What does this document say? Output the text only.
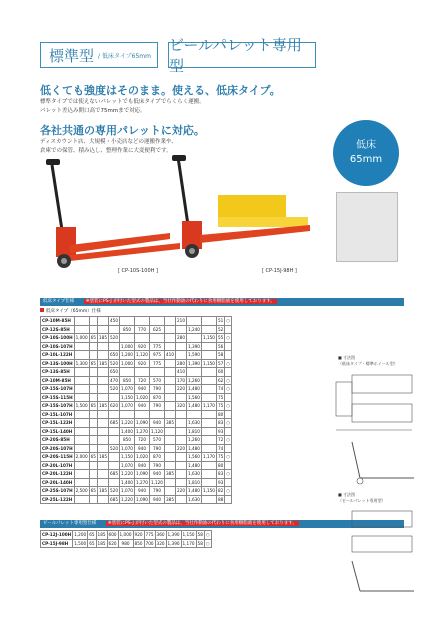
標準型 / 低床タイプ65mm
ビールパレット専用型
低くても強度はそのまま。使える、低床タイプ。
標準タイプでは使えないパレットでも低床タイプでらくらく運搬。
パレット差込み開口高で75mmまで対応。
各社共通の専用パレットに対応。
ディスカウント店、大規模・小売店などの運搬作業や、
倉庫での保管、積み込し、整理作業に大変便利です。	低床
65mm
[ CP-10S-100H ]	[ CP-15J-98H ]
低床タイプ仕様	※塗装にPS-J が付いた型式の製品は、当社作動油の代わりに食用樹脂液を使用しております。
低床タイプ（65mm）仕様
CP-10M-85H				450					210			51	○
CP-12S-85H					850	770	625			1,240		52	
CP-10S-100H	1,000	65	185	520					280		1,150	55	○
CP-10S-107H					1,000	920	775			1,390		56	
CP-10L-122H				650	1,200	1,120	975	410		1,590		58	
CP-13S-100H	1,300	65	185	520	1,000	920	775		280	1,390	1,150	57	○
CP-13S-85H				650					410			60	
CP-10M-85H				470	850	720	570		170	1,260		62	○
CP-15S-107H				520	1,070	940	790		220	1,480		74	○
CP-15S-115H					1,150	1,020	870			1,560		75	
CP-15S-107H	1,500	65	185	620	1,070	940	790		320	1,480	1,170	75	○
CP-15L-107H												80	
CP-15L-122H				685	1,220	1,090	940	385		1,630		83	○
CP-15L-140H					1,400	1,270	1,120			1,810		93	
CP-20S-85H					850	720	570			1,260		72	○
CP-20S-107H				520	1,070	940	790		220	1,480		74	
CP-20S-115H	2,000	65	185		1,150	1,020	870			1,560	1,170	75	○
CP-20L-107H					1,070	940	790			1,480		80	
CP-20L-122H				685	1,220	1,090	940	385		1,630		83	○
CP-20L-140H					1,400	1,270	1,120			1,810		93	
CP-25S-107H	2,500	65	185	520	1,070	940	790		220	1,480	1,150	82	○
CP-25L-122H				685	1,220	1,090	940	385		1,630		88	
ビールパレット専用型仕様	※塗装にPS-J が付いた型式の製品は、当社作動油の代わりに食用樹脂液を使用しております。
CP-12J-100H	1,200	65	185	600	1,000	920	775	360	1,390	1,150	58	○
CP-15J-98H	1,500	65	185	620	980	850	700	320	1,390	1,170	58	○
■ 寸法図
（低床タイプ・標準ホイール型）
■ 寸法図
（ビールパレット専用型）
